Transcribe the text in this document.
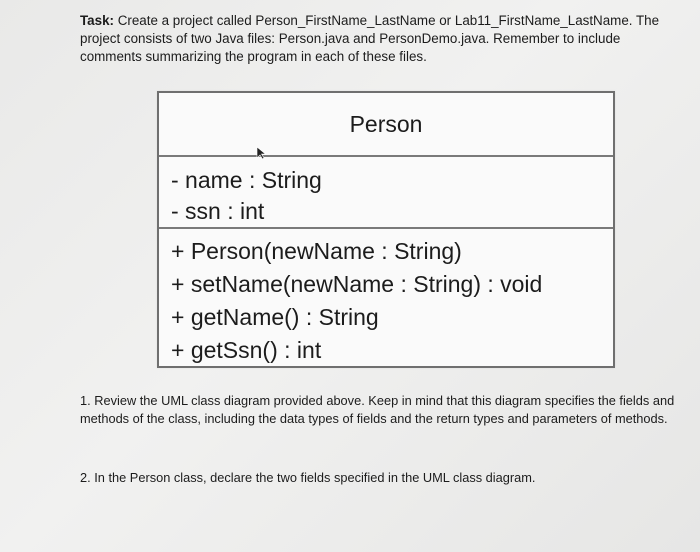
Task: Create a project called Person_FirstName_LastName or Lab11_FirstName_LastName. The project consists of two Java files: Person.java and PersonDemo.java. Remember to include comments summarizing the program in each of these files.
Person
- name : String
- ssn : int
+ Person(newName : String)
+ setName(newName : String) : void
+ getName() : String
+ getSsn() : int
1. Review the UML class diagram provided above. Keep in mind that this diagram specifies the fields and methods of the class, including the data types of fields and the return types and parameters of methods.
2. In the Person class, declare the two fields specified in the UML class diagram.
